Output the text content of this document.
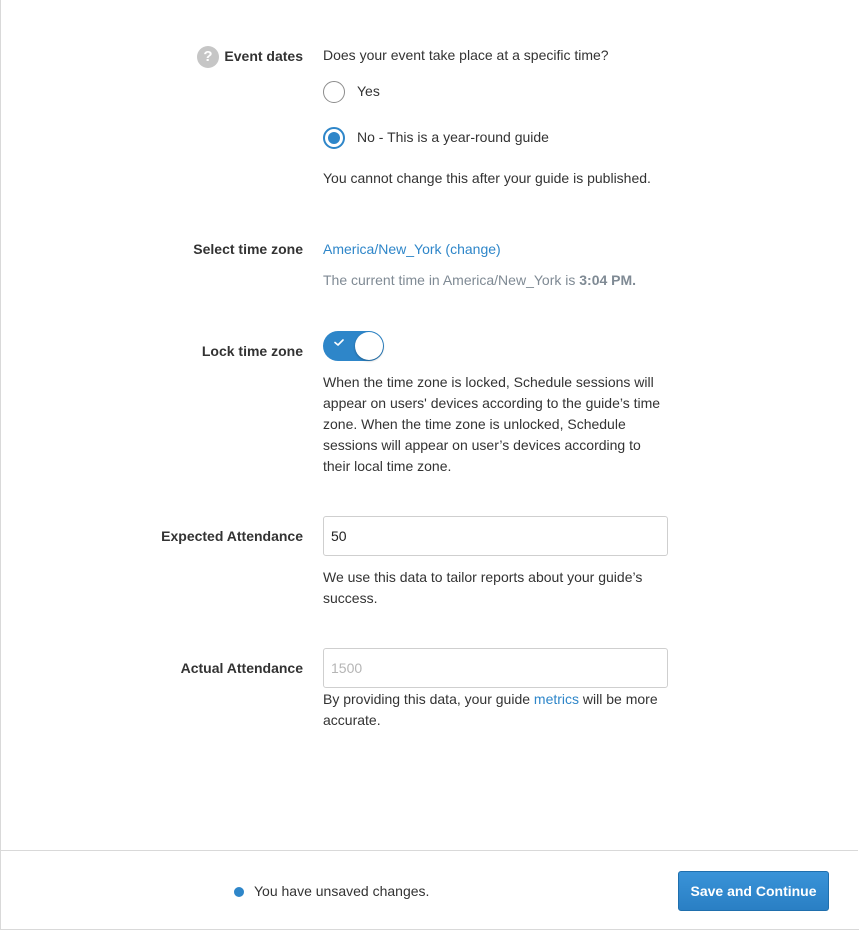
? Event dates Does your event take place at a specific time?
Yes
No - This is a year-round guide
You cannot change this after your guide is published.
Select time zone America/New_York (change)
The current time in America/New_York is 3:04 PM.
Lock time zone
When the time zone is locked, Schedule sessions will appear on users' devices according to the guide’s time zone. When the time zone is unlocked, Schedule sessions will appear on user’s devices according to their local time zone.
Expected Attendance
50
We use this data to tailor reports about your guide’s success.
Actual Attendance
1500
By providing this data, your guide metrics will be more accurate.
You have unsaved changes.	Save and Continue
